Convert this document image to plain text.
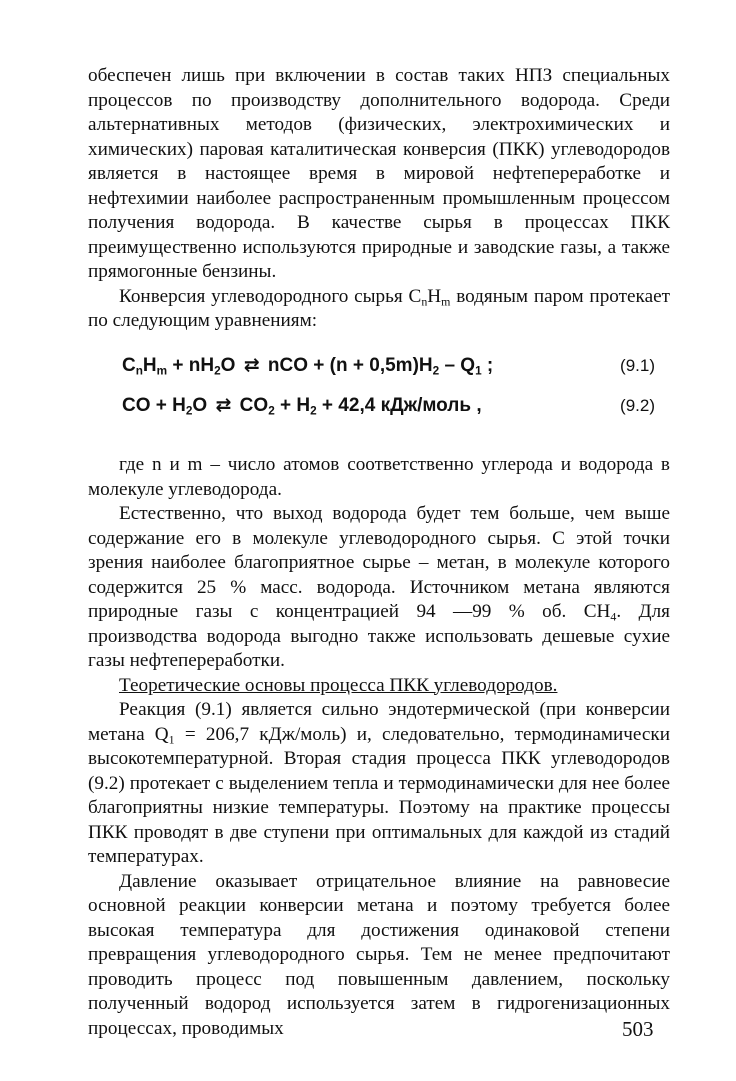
обеспечен лишь при включении в состав таких НПЗ специальных процессов по производству дополнительного водорода. Среди альтернативных методов (физических, электрохимических и химических) паровая каталитическая конверсия (ПКК) углеводородов является в настоящее время в мировой нефтепереработке и нефтехимии наиболее распространенным промышленным процессом получения водорода. В качестве сырья в процессах ПКК преимущественно используются природные и заводские газы, а также прямогонные бензины.

Конверсия углеводородного сырья $C_nH_m$ водяным паром протекает по следующим уравнениям:

$C_nH_m + nH_2O$ ⇄ nCO + $(n + 0,5m)H_2 - Q_1$ ;	(9.1)
CO + $H_2O$ ⇄ $CO_2 + H_2 + 42,4$ кДж/моль ,	(9.2)

где n и m – число атомов соответственно углерода и водорода в молекуле углеводорода.

Естественно, что выход водорода будет тем больше, чем выше содержание его в молекуле углеводородного сырья. С этой точки зрения наиболее благоприятное сырье – метан, в молекуле которого содержится 25 % масс. водорода. Источником метана являются природные газы с концентрацией 94 —99 % об. $CH_4$. Для производства водорода выгодно также использовать дешевые сухие газы нефтепереработки.

Теоретические основы процесса ПКК углеводородов.

Реакция (9.1) является сильно эндотермической (при конверсии метана $Q_1 = 206,7$ кДж/моль) и, следовательно, термодинамически высокотемпературной. Вторая стадия процесса ПКК углеводородов (9.2) протекает с выделением тепла и термодинамически для нее более благоприятны низкие температуры. Поэтому на практике процессы ПКК проводят в две ступени при оптимальных для каждой из стадий температурах.

Давление оказывает отрицательное влияние на равновесие основной реакции конверсии метана и поэтому требуется более высокая температура для достижения одинаковой степени превращения углеводородного сырья. Тем не менее предпочитают проводить процесс под повышенным давлением, поскольку полученный водород используется затем в гидрогенизационных процессах, проводимых	503
